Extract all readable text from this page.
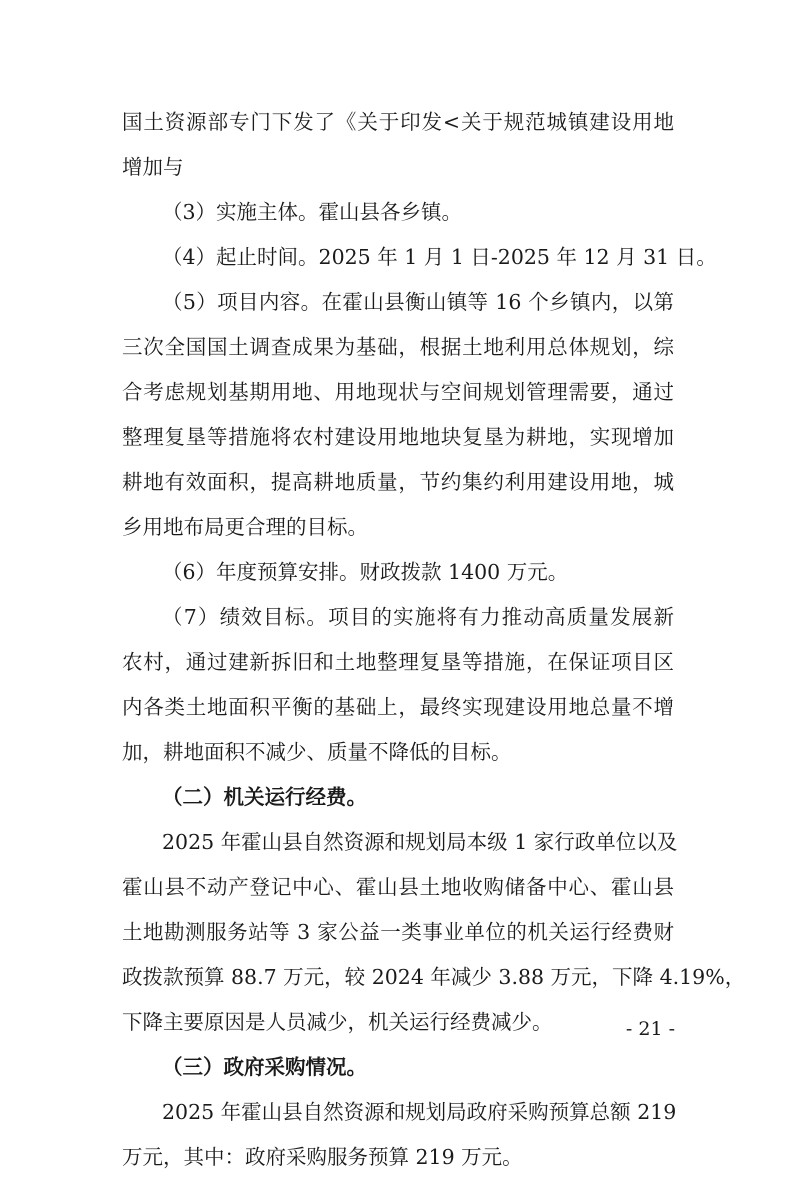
国土资源部专门下发了《关于印发<关于规范城镇建设用地
增加与
（3）实施主体。霍山县各乡镇。
（4）起止时间。2025 年 1 月 1 日-2025 年 12 月 31 日。
（5）项目内容。在霍山县衡山镇等 16 个乡镇内，以第
三次全国国土调查成果为基础，根据土地利用总体规划，综
合考虑规划基期用地、用地现状与空间规划管理需要，通过
整理复垦等措施将农村建设用地地块复垦为耕地，实现增加
耕地有效面积，提高耕地质量，节约集约利用建设用地，城
乡用地布局更合理的目标。
（6）年度预算安排。财政拨款 1400 万元。
（7）绩效目标。项目的实施将有力推动高质量发展新
农村，通过建新拆旧和土地整理复垦等措施，在保证项目区
内各类土地面积平衡的基础上，最终实现建设用地总量不增
加，耕地面积不减少、质量不降低的目标。
（二）机关运行经费。
2025 年霍山县自然资源和规划局本级 1 家行政单位以及
霍山县不动产登记中心、霍山县土地收购储备中心、霍山县
土地勘测服务站等 3 家公益一类事业单位的机关运行经费财
政拨款预算 88.7 万元，较 2024 年减少 3.88 万元，下降 4.19%，
下降主要原因是人员减少，机关运行经费减少。
（三）政府采购情况。
2025 年霍山县自然资源和规划局政府采购预算总额 219
万元，其中：政府采购服务预算 219 万元。
- 21 -
